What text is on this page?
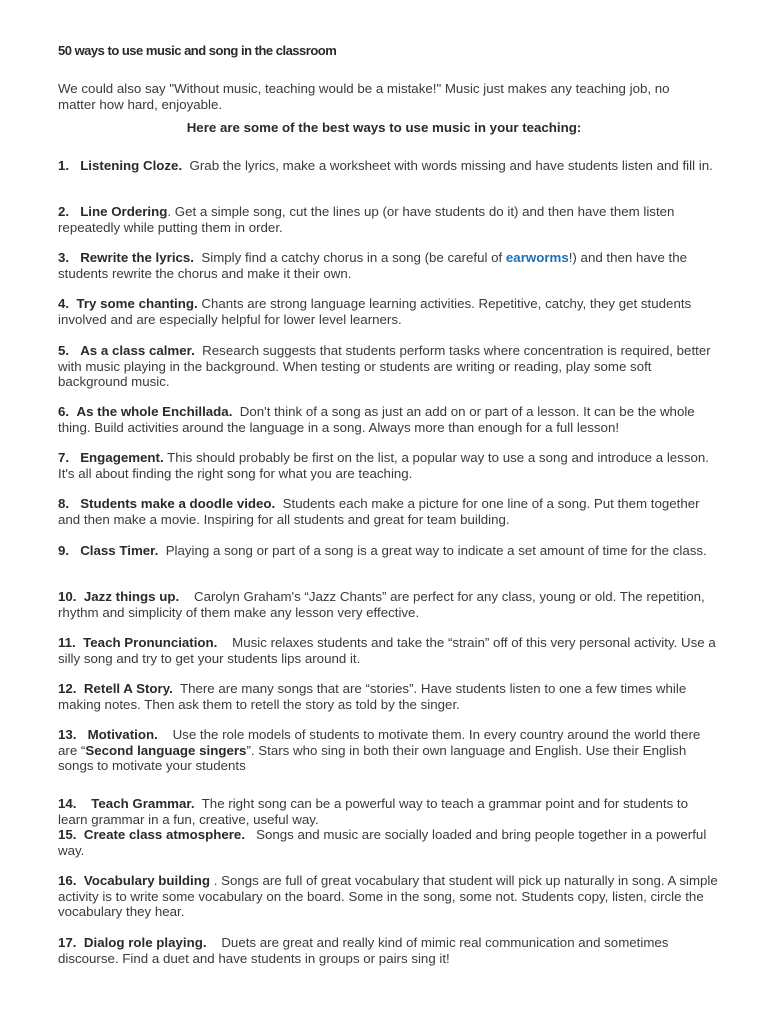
50 ways to use music and song in the classroom
We could also say "Without music, teaching would be a mistake!" Music just makes any teaching job, no matter how hard, enjoyable.
Here are some of the best ways to use music in your teaching:

1. Listening Cloze. Grab the lyrics, make a worksheet with words missing and have students listen and fill in.

2. Line Ordering. Get a simple song, cut the lines up (or have students do it) and then have them listen repeatedly while putting them in order.

3. Rewrite the lyrics. Simply find a catchy chorus in a song (be careful of earworms!) and then have the students rewrite the chorus and make it their own.

4. Try some chanting. Chants are strong language learning activities. Repetitive, catchy, they get students involved and are especially helpful for lower level learners.

5. As a class calmer. Research suggests that students perform tasks where concentration is required, better with music playing in the background. When testing or students are writing or reading, play some soft background music.

6. As the whole Enchillada. Don't think of a song as just an add on or part of a lesson. It can be the whole thing. Build activities around the language in a song. Always more than enough for a full lesson!

7. Engagement. This should probably be first on the list, a popular way to use a song and introduce a lesson. It's all about finding the right song for what you are teaching.

8. Students make a doodle video. Students each make a picture for one line of a song. Put them together and then make a movie. Inspiring for all students and great for team building.

9. Class Timer. Playing a song or part of a song is a great way to indicate a set amount of time for the class.

10. Jazz things up. Carolyn Graham's “Jazz Chants” are perfect for any class, young or old. The repetition, rhythm and simplicity of them make any lesson very effective.

11. Teach Pronunciation. Music relaxes students and take the “strain” off of this very personal activity. Use a silly song and try to get your students lips around it.

12. Retell A Story. There are many songs that are “stories”. Have students listen to one a few times while making notes. Then ask them to retell the story as told by the singer.

13. Motivation. Use the role models of students to motivate them. In every country around the world there are “Second language singers”. Stars who sing in both their own language and English. Use their English songs to motivate your students

14. Teach Grammar. The right song can be a powerful way to teach a grammar point and for students to learn grammar in a fun, creative, useful way.

15. Create class atmosphere. Songs and music are socially loaded and bring people together in a powerful way.

16. Vocabulary building . Songs are full of great vocabulary that student will pick up naturally in song. A simple activity is to write some vocabulary on the board. Some in the song, some not. Students copy, listen, circle the vocabulary they hear.

17. Dialog role playing. Duets are great and really kind of mimic real communication and sometimes discourse. Find a duet and have students in groups or pairs sing it!
